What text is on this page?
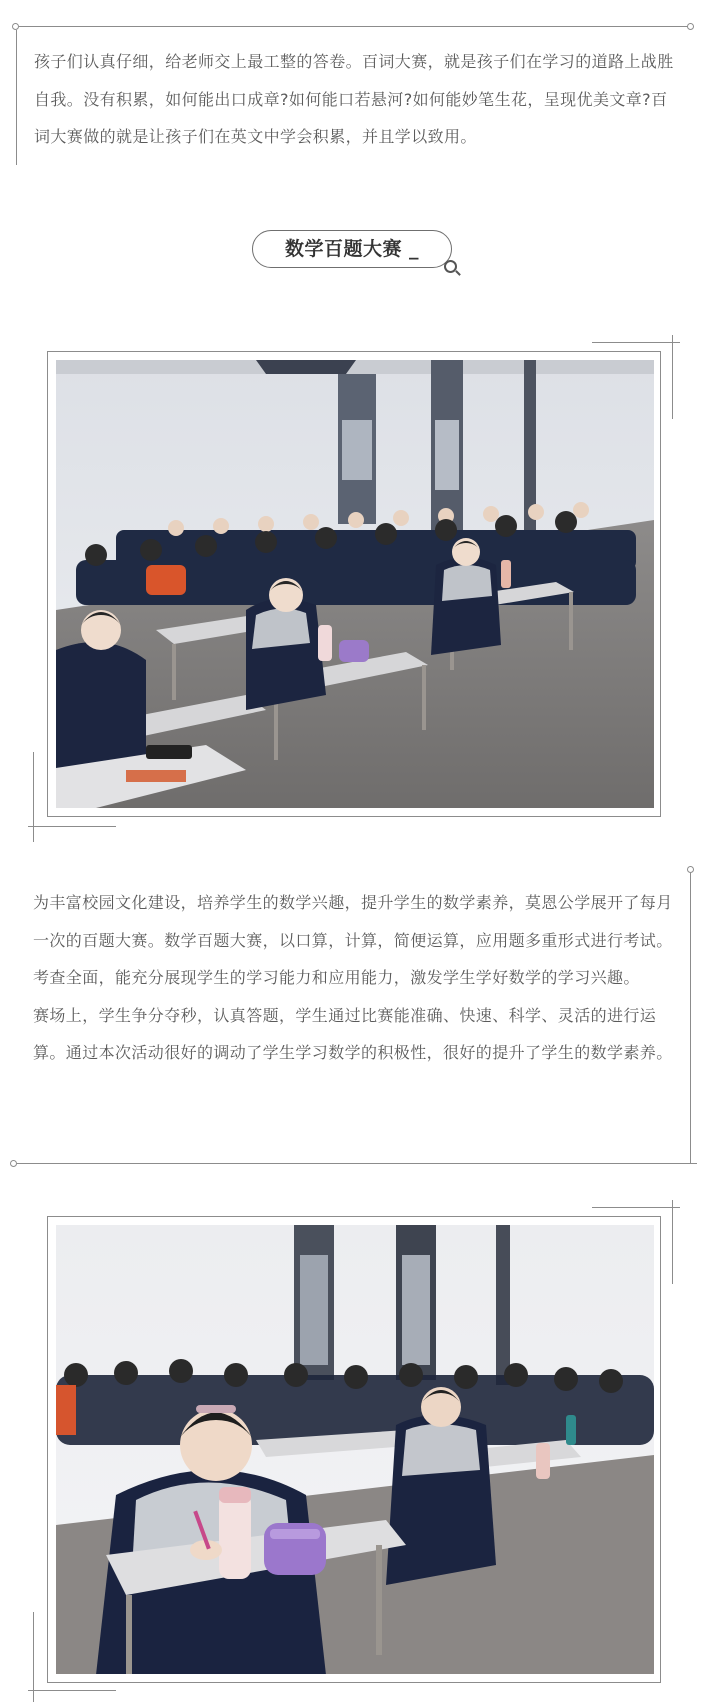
孩子们认真仔细，给老师交上最工整的答卷。百词大赛，就是孩子们在学习的道路上战胜自我。没有积累，如何能出口成章?如何能口若悬河?如何能妙笔生花，呈现优美文章?百词大赛做的就是让孩子们在英文中学会积累，并且学以致用。

数学百题大赛 _

为丰富校园文化建设，培养学生的数学兴趣，提升学生的数学素养，莫恩公学展开了每月一次的百题大赛。数学百题大赛，以口算，计算，简便运算，应用题多重形式进行考试。考查全面，能充分展现学生的学习能力和应用能力，激发学生学好数学的学习兴趣。

赛场上，学生争分夺秒，认真答题，学生通过比赛能准确、快速、科学、灵活的进行运算。通过本次活动很好的调动了学生学习数学的积极性，很好的提升了学生的数学素养。
